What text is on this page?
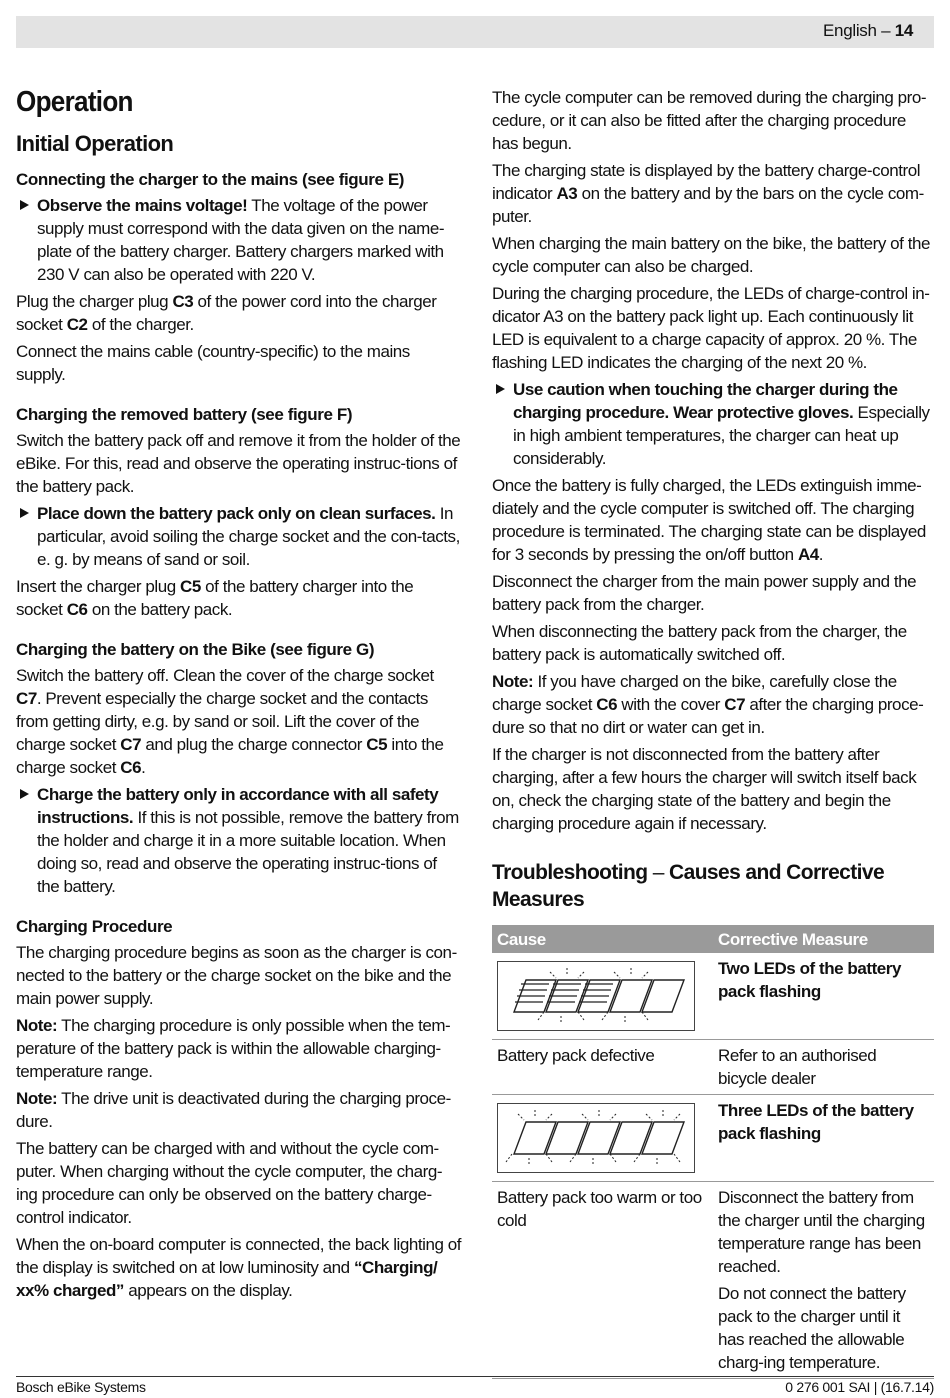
English – 14
Operation
Initial Operation
Connecting the charger to the mains (see figure E)
Observe the mains voltage! The voltage of the power supply must correspond with the data given on the name-plate of the battery charger. Battery chargers marked with 230 V can also be operated with 220 V.

Plug the charger plug C3 of the power cord into the charger socket C2 of the charger.

Connect the mains cable (country-specific) to the mains supply.

Charging the removed battery (see figure F)

Switch the battery pack off and remove it from the holder of the eBike. For this, read and observe the operating instruc-tions of the battery pack.

Place down the battery pack only on clean surfaces. In particular, avoid soiling the charge socket and the con-tacts, e. g. by means of sand or soil.

Insert the charger plug C5 of the battery charger into the socket C6 on the battery pack.

Charging the battery on the Bike (see figure G)

Switch the battery off. Clean the cover of the charge socket C7. Prevent especially the charge socket and the contacts from getting dirty, e.g. by sand or soil. Lift the cover of the charge socket C7 and plug the charge connector C5 into the charge socket C6.

Charge the battery only in accordance with all safety instructions. If this is not possible, remove the battery from the holder and charge it in a more suitable location. When doing so, read and observe the operating instruc-tions of the battery.
Charging Procedure

The charging procedure begins as soon as the charger is con-nected to the battery or the charge socket on the bike and the main power supply.

Note: The charging procedure is only possible when the tem-perature of the battery pack is within the allowable charging-temperature range.

Note: The drive unit is deactivated during the charging proce-dure.

The battery can be charged with and without the cycle com-puter. When charging without the cycle computer, the charg-ing procedure can only be observed on the battery charge-control indicator.

When the on-board computer is connected, the back lighting of the display is switched on at low luminosity and “Charging/ xx% charged” appears on the display.

The cycle computer can be removed during the charging pro-cedure, or it can also be fitted after the charging procedure has begun.

The charging state is displayed by the battery charge-control indicator A3 on the battery and by the bars on the cycle com-puter.

When charging the main battery on the bike, the battery of the cycle computer can also be charged.

During the charging procedure, the LEDs of charge-control in-dicator A3 on the battery pack light up. Each continuously lit LED is equivalent to a charge capacity of approx. 20 %. The flashing LED indicates the charging of the next 20 %.

Use caution when touching the charger during the charging procedure. Wear protective gloves. Especially in high ambient temperatures, the charger can heat up considerably.

Once the battery is fully charged, the LEDs extinguish imme-diately and the cycle computer is switched off. The charging procedure is terminated. The charging state can be displayed for 3 seconds by pressing the on/off button A4.

Disconnect the charger from the main power supply and the battery pack from the charger.

When disconnecting the battery pack from the charger, the battery pack is automatically switched off.

Note: If you have charged on the bike, carefully close the charge socket C6 with the cover C7 after the charging proce-dure so that no dirt or water can get in.

If the charger is not disconnected from the battery after charging, after a few hours the charger will switch itself back on, check the charging state of the battery and begin the charging procedure again if necessary.

Troubleshooting – Causes and Corrective Measures
Cause	Corrective Measure

	Two LEDs of the battery pack flashing
Battery pack defective	Refer to an authorised bicycle dealer

	Three LEDs of the battery pack flashing
Battery pack too warm or too cold	Disconnect the battery from the charger until the charging temperature range has been reached.

Do not connect the battery pack to the charger until it has reached the allowable charg-ing temperature.

Bosch eBike Systems	0 276 001 SAI | (16.7.14)
